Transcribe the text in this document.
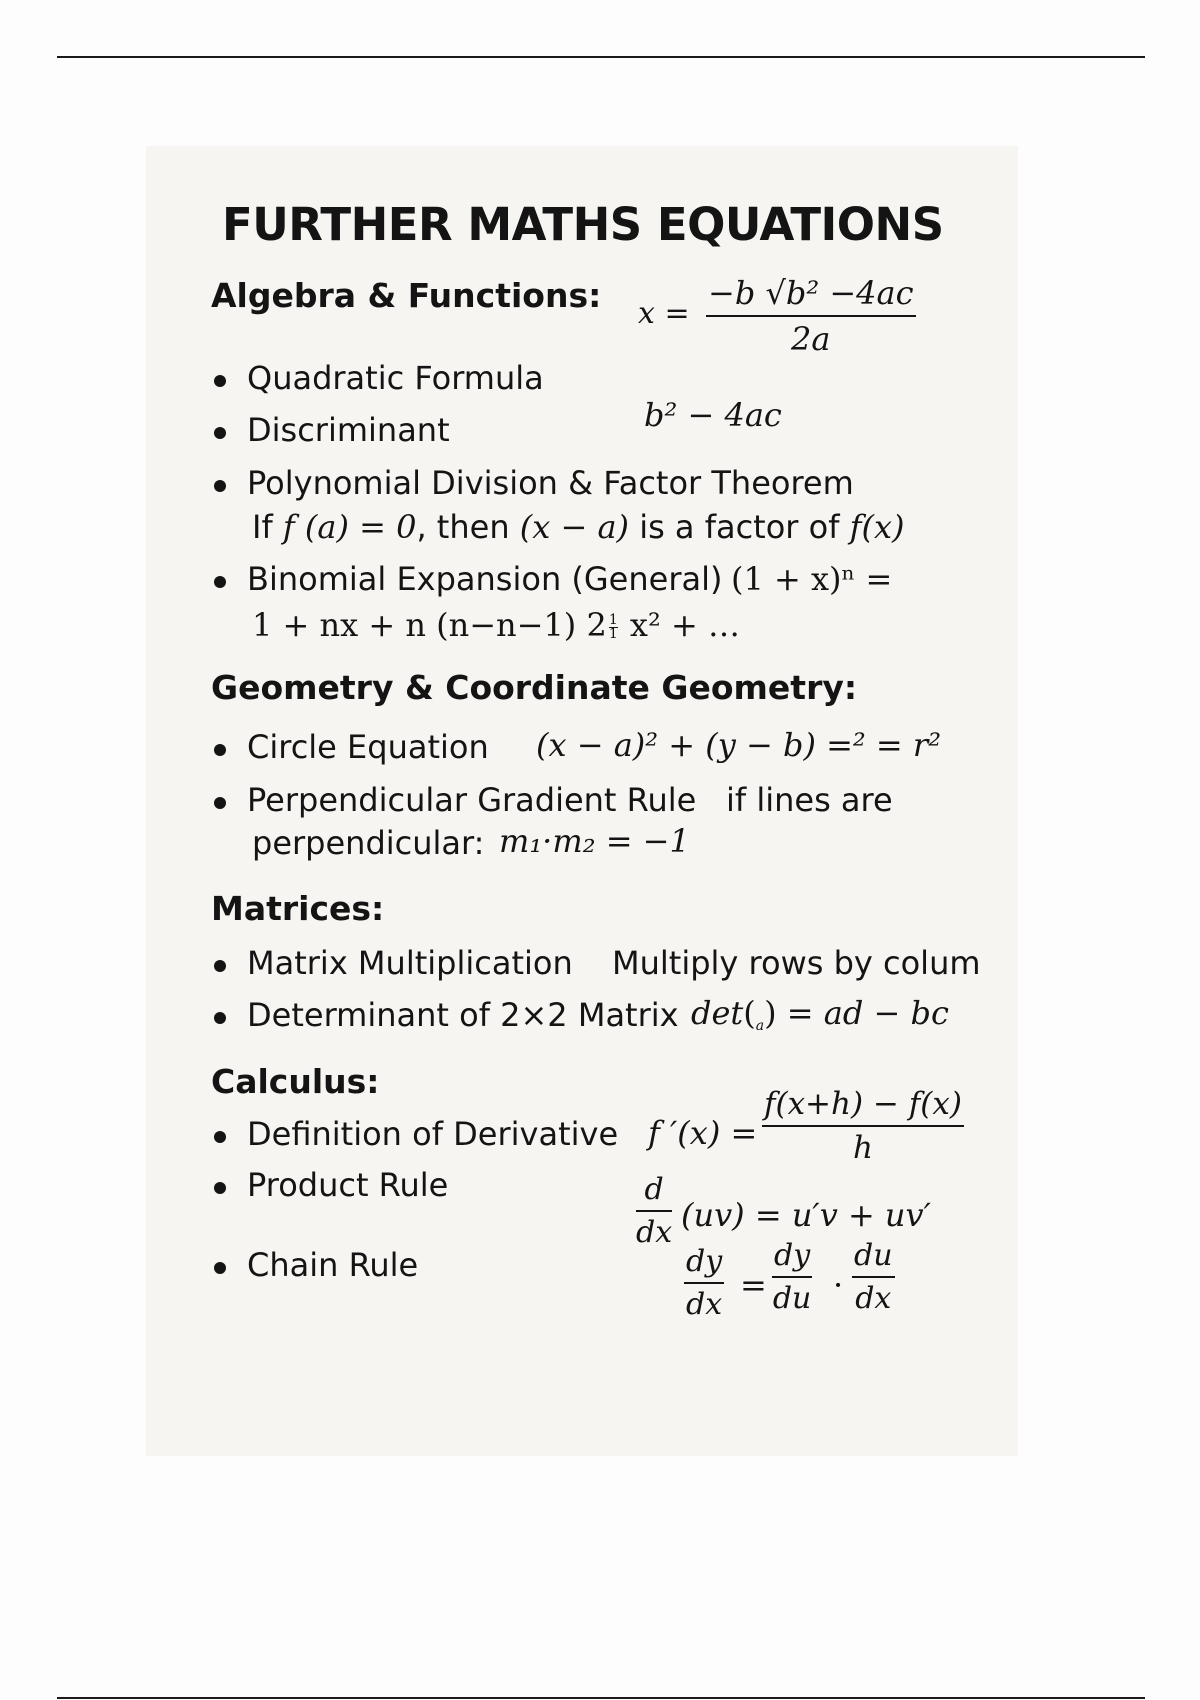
FURTHER MATHS EQUATIONS
Algebra & Functions: $x = \frac{\text{−b √b² −4ac}}{2a}$
Quadratic Formula
Discriminant	b² − 4ac
Polynomial Division & Factor Theorem
If f (a) = 0, then (x − a) is a factor of f(x)
Binomial Expansion (General) (1 + x)ⁿ =
1 + nx + n (n−n−1) $2 \frac{1}{1} x^2$ + …
Geometry & Coordinate Geometry:
Circle Equation (x − a)² + (y − b) =² = r²
Perpendicular Gradient Rule if lines are
perpendicular: m₁·m₂ = −1
Matrices:
Matrix Multiplication Multiply rows by colum
Determinant of 2×2 Matrix det(a) = ad − bc
Calculus:
Definition of Derivative f $'(x) = \frac{f(x+h) - f(x)}{h}$
Product Rule	$\frac{d}{dx} (uv) = u'v + uv'$
Chain Rule	$\frac{dy}{dx} = \frac{dy}{du} \cdot \frac{du}{dx}$
